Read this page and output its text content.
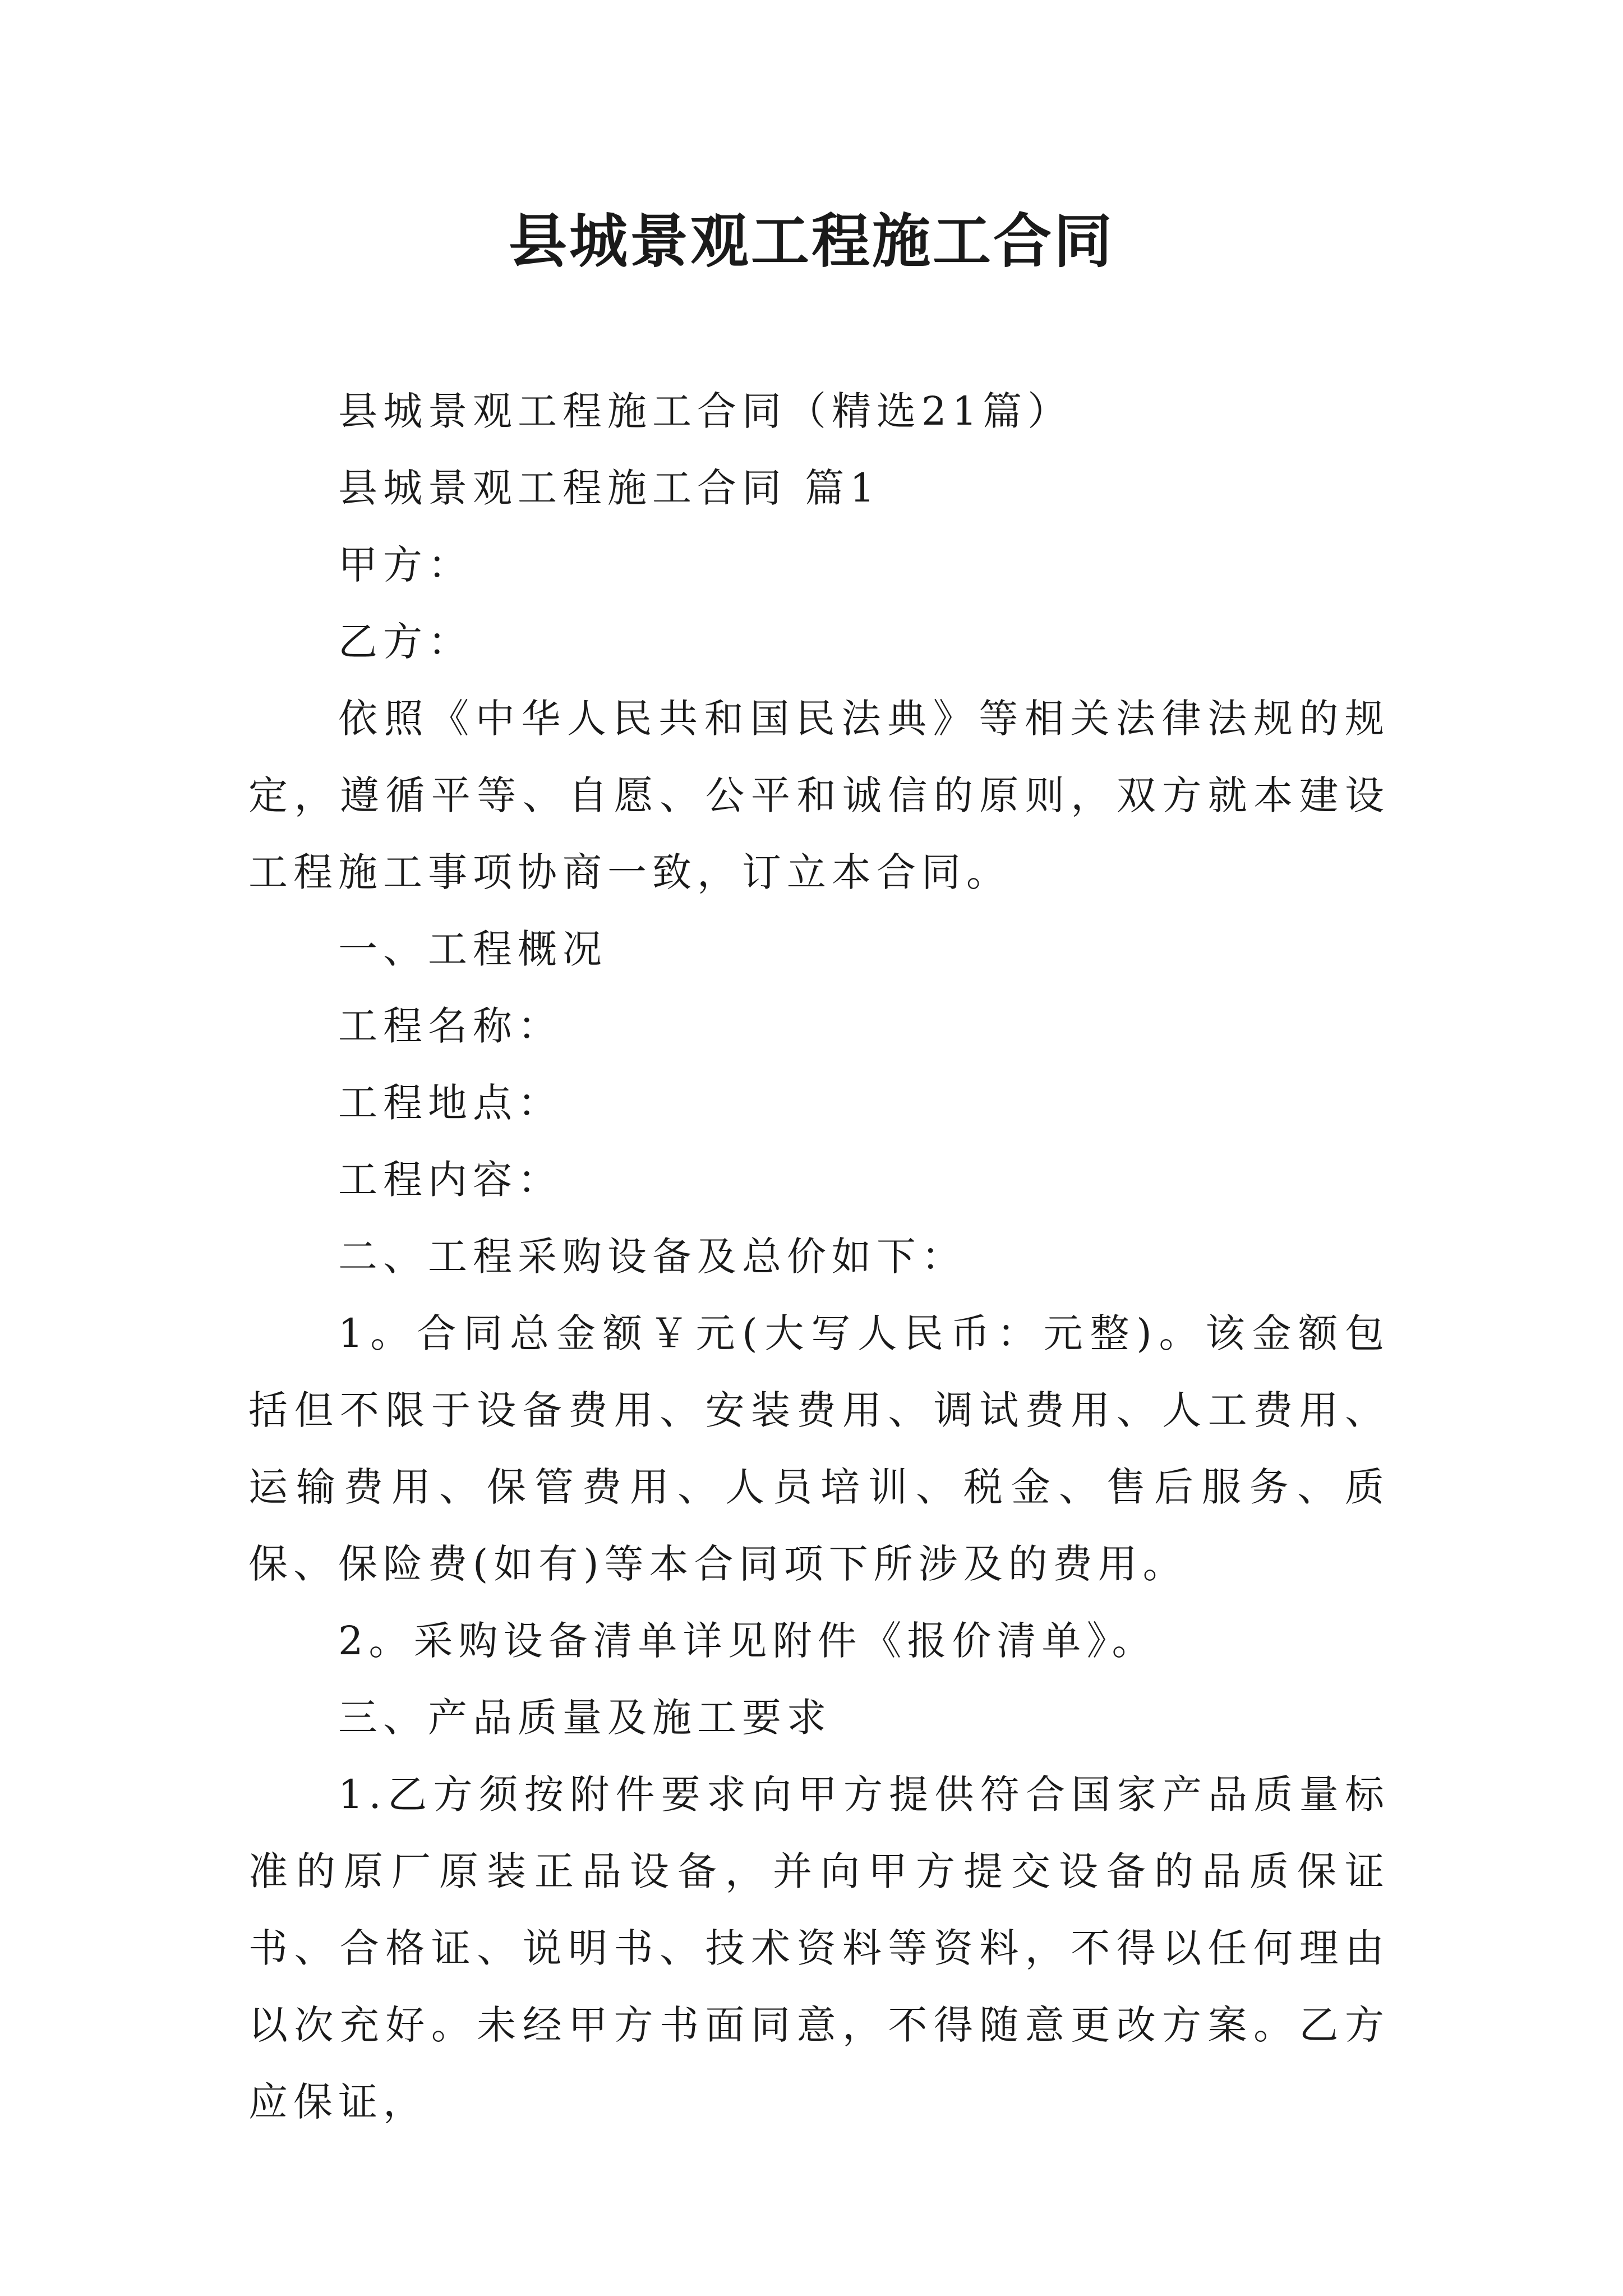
县城景观工程施工合同

县城景观工程施工合同（精选21篇）

县城景观工程施工合同 篇1

甲方：

乙方：

依照《中华人民共和国民法典》等相关法律法规的规定，遵循平等、自愿、公平和诚信的原则，双方就本建设工程施工事项协商一致，订立本合同。

一、工程概况

工程名称：

工程地点：

工程内容：

二、工程采购设备及总价如下：

1。合同总金额￥元(大写人民币：元整)。该金额包括但不限于设备费用、安装费用、调试费用、人工费用、运输费用、保管费用、人员培训、税金、售后服务、质保、保险费(如有)等本合同项下所涉及的费用。

2。采购设备清单详见附件《报价清单》。

三、产品质量及施工要求

1.乙方须按附件要求向甲方提供符合国家产品质量标准的原厂原装正品设备，并向甲方提交设备的品质保证书、合格证、说明书、技术资料等资料，不得以任何理由以次充好。未经甲方书面同意，不得随意更改方案。乙方应保证，
